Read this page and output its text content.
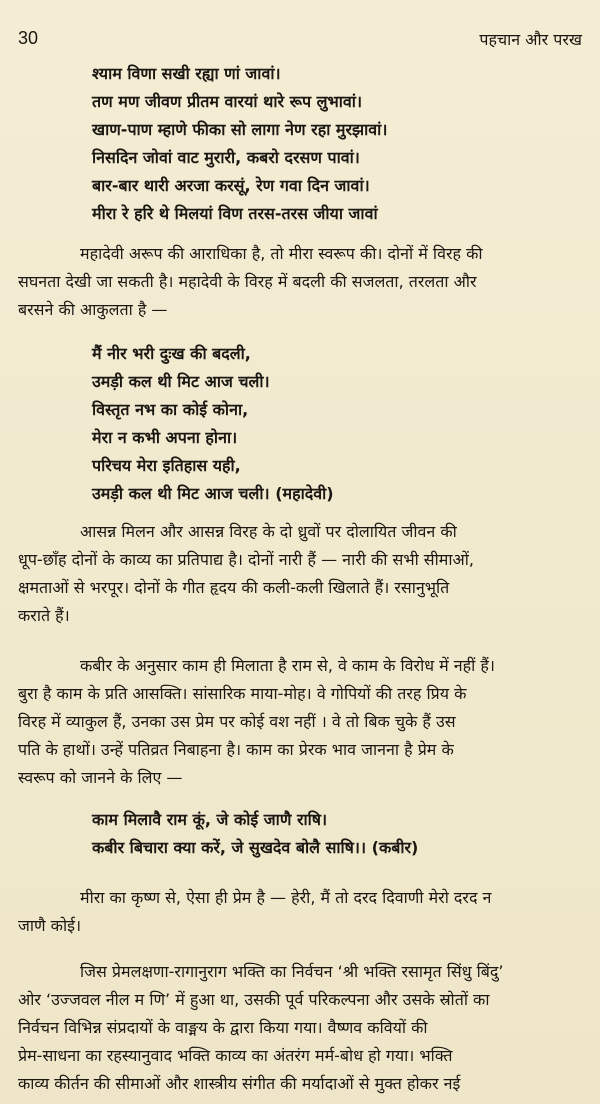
30	पहचान और परख
श्याम विणा सखी रह्या णां जावां।
तण मण जीवण प्रीतम वारयां थारे रूप लुभावां।
खाण-पाण म्हाणे फीका सो लागा नेण रहा मुरझावां।
निसदिन जोवां वाट मुरारी, कबरो दरसण पावां।
बार-बार थारी अरजा करसूं, रेण गवा दिन जावां।
मीरा रे हरि थे मिलयां विण तरस-तरस जीया जावां
महादेवी अरूप की आराधिका है, तो मीरा स्वरूप की। दोनों में विरह की
सघनता देखी जा सकती है। महादेवी के विरह में बदली की सजलता, तरलता और
बरसने की आकुलता है —
मैं नीर भरी दुःख की बदली,
उमड़ी कल थी मिट आज चली।
विस्तृत नभ का कोई कोना,
मेरा न कभी अपना होना।
परिचय मेरा इतिहास यही,
उमड़ी कल थी मिट आज चली। (महादेवी)
आसन्न मिलन और आसन्न विरह के दो ध्रुवों पर दोलायित जीवन की
धूप-छाँह दोनों के काव्य का प्रतिपाद्य है। दोनों नारी हैं — नारी की सभी सीमाओं,
क्षमताओं से भरपूर। दोनों के गीत हृदय की कली-कली खिलाते हैं। रसानुभूति
कराते हैं।
कबीर के अनुसार काम ही मिलाता है राम से, वे काम के विरोध में नहीं हैं।
बुरा है काम के प्रति आसक्ति। सांसारिक माया-मोह। वे गोपियों की तरह प्रिय के
विरह में व्याकुल हैं, उनका उस प्रेम पर कोई वश नहीं । वे तो बिक चुके हैं उस
पति के हाथों। उन्हें पतिव्रत निबाहना है। काम का प्रेरक भाव जानना है प्रेम के
स्वरूप को जानने के लिए —
काम मिलावै राम कूं, जे कोई जाणै राषि।
कबीर बिचारा क्या करें, जे सुखदेव बोलै साषि।। (कबीर)
मीरा का कृष्ण से, ऐसा ही प्रेम है — हेरी, मैं तो दरद दिवाणी मेरो दरद न
जाणै कोई।
जिस प्रेमलक्षणा-रागानुराग भक्ति का निर्वचन ‘श्री भक्ति रसामृत सिंधु बिंदु’
ओर ‘उज्जवल नील म णि’ में हुआ था, उसकी पूर्व परिकल्पना और उसके स्रोतों का
निर्वचन विभिन्न संप्रदायों के वाङ्मय के द्वारा किया गया। वैष्णव कवियों की
प्रेम-साधना का रहस्यानुवाद भक्ति काव्य का अंतरंग मर्म-बोध हो गया। भक्ति
काव्य कीर्तन की सीमाओं और शास्त्रीय संगीत की मर्यादाओं से मुक्त होकर नई
